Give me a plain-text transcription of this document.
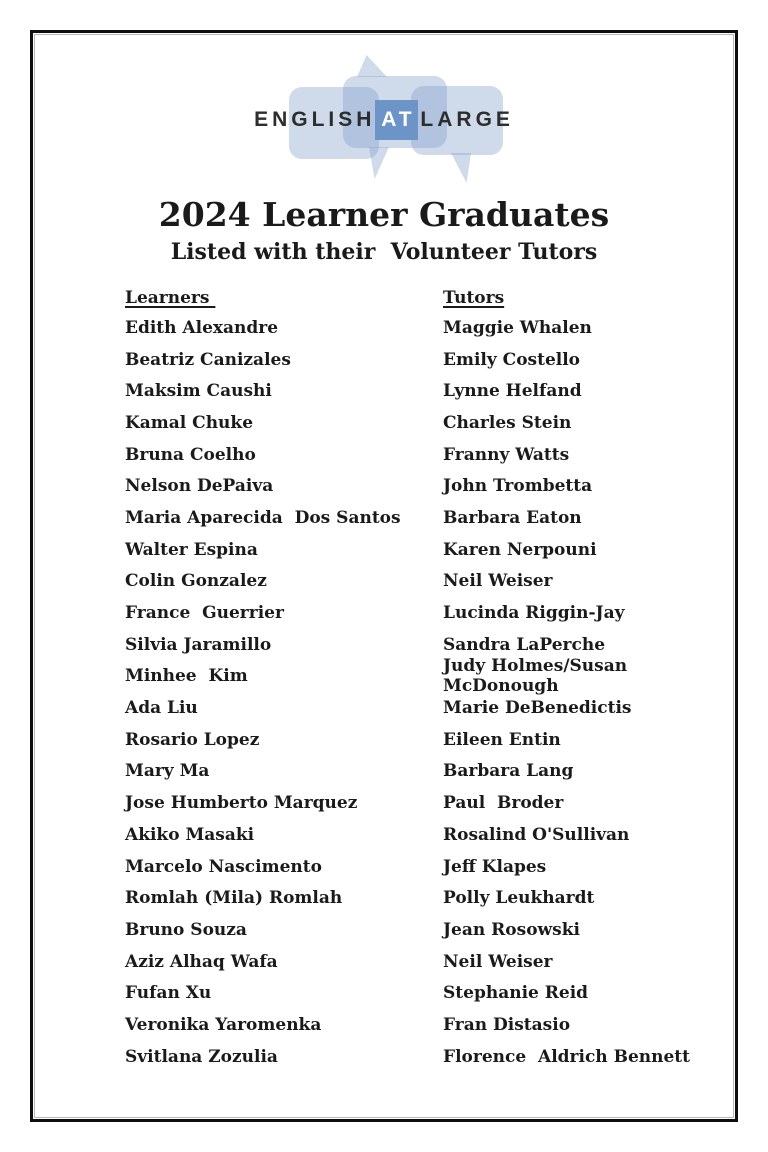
ENGLISH AT LARGE
2024 Learner Graduates
Listed with their  Volunteer Tutors
Learners	Tutors
Edith Alexandre	Maggie Whalen
Beatriz Canizales	Emily Costello
Maksim Caushi	Lynne Helfand
Kamal Chuke	Charles Stein
Bruna Coelho	Franny Watts
Nelson DePaiva	John Trombetta
Maria Aparecida  Dos Santos	Barbara Eaton
Walter Espina	Karen Nerpouni
Colin Gonzalez	Neil Weiser
France  Guerrier	Lucinda Riggin-Jay
Silvia Jaramillo	Sandra LaPerche
Minhee  Kim	Judy Holmes/Susan McDonough
Ada Liu	Marie DeBenedictis
Rosario Lopez	Eileen Entin
Mary Ma	Barbara Lang
Jose Humberto Marquez	Paul  Broder
Akiko Masaki	Rosalind O'Sullivan
Marcelo Nascimento	Jeff Klapes
Romlah (Mila) Romlah	Polly Leukhardt
Bruno Souza	Jean Rosowski
Aziz Alhaq Wafa	Neil Weiser
Fufan Xu	Stephanie Reid
Veronika Yaromenka	Fran Distasio
Svitlana Zozulia	Florence  Aldrich Bennett
